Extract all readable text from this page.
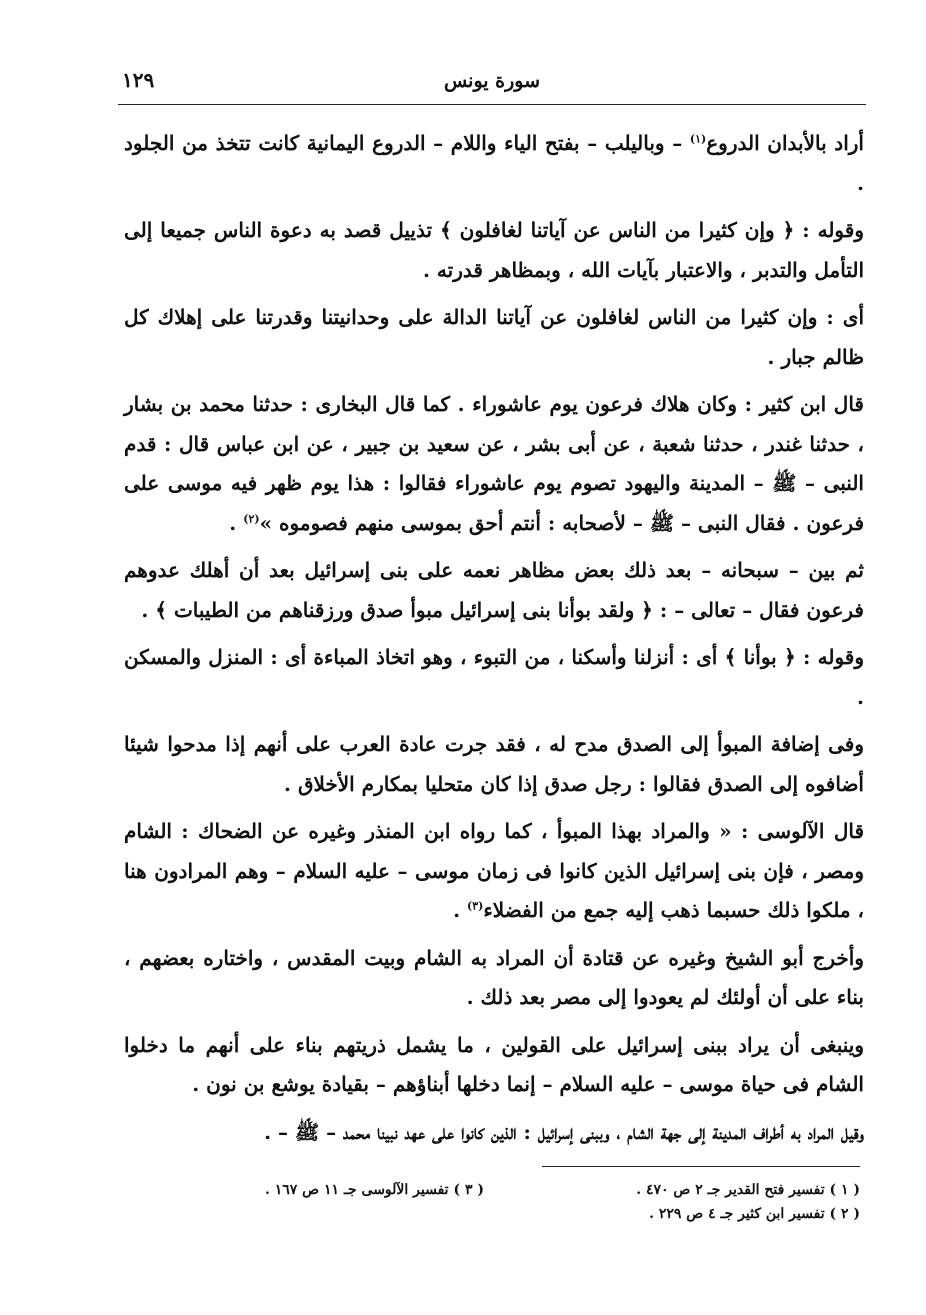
سورة يونس
١٢٩

أراد بالأبدان الدروع$^{(١)}$ – وباليلب – بفتح الياء واللام – الدروع اليمانية كانت تتخذ من الجلود .

وقوله : ﴿ وإن كثيرا من الناس عن آياتنا لغافلون ﴾ تذييل قصد به دعوة الناس جميعا إلى التأمل والتدبر ، والاعتبار بآيات الله ، وبمظاهر قدرته .

أى : وإن كثيرا من الناس لغافلون عن آياتنا الدالة على وحدانيتنا وقدرتنا على إهلاك كل ظالم جبار .

قال ابن كثير : وكان هلاك فرعون يوم عاشوراء . كما قال البخارى : حدثنا محمد بن بشار ، حدثنا غندر ، حدثنا شعبة ، عن أبى بشر ، عن سعيد بن جبير ، عن ابن عباس قال : قدم النبى – ﷺ – المدينة واليهود تصوم يوم عاشوراء فقالوا : هذا يوم ظهر فيه موسى على فرعون . فقال النبى – ﷺ – لأصحابه : أنتم أحق بموسى منهم فصوموه »$^{(٢)}$ .

ثم بين – سبحانه – بعد ذلك بعض مظاهر نعمه على بنى إسرائيل بعد أن أهلك عدوهم فرعون فقال – تعالى – : ﴿ ولقد بوأنا بنى إسرائيل مبوأ صدق ورزقناهم من الطيبات ﴾ .

وقوله : ﴿ بوأنا ﴾ أى : أنزلنا وأسكنا ، من التبوء ، وهو اتخاذ المباءة أى : المنزل والمسكن .

وفى إضافة المبوأ إلى الصدق مدح له ، فقد جرت عادة العرب على أنهم إذا مدحوا شيئا أضافوه إلى الصدق فقالوا : رجل صدق إذا كان متحليا بمكارم الأخلاق .

قال الآلوسى : « والمراد بهذا المبوأ ، كما رواه ابن المنذر وغيره عن الضحاك : الشام ومصر ، فإن بنى إسرائيل الذين كانوا فى زمان موسى – عليه السلام – وهم المرادون هنا ، ملكوا ذلك حسبما ذهب إليه جمع من الفضلاء$^{(٣)}$ .

وأخرج أبو الشيخ وغيره عن قتادة أن المراد به الشام وبيت المقدس ، واختاره بعضهم ، بناء على أن أولئك لم يعودوا إلى مصر بعد ذلك .

وينبغى أن يراد ببنى إسرائيل على القولين ، ما يشمل ذريتهم بناء على أنهم ما دخلوا الشام فى حياة موسى – عليه السلام – إنما دخلها أبناؤهم – بقيادة يوشع بن نون .

وقيل المراد به أطراف المدينة إلى جهة الشام ، وببنى إسرائيل : الذين كانوا على عهد نبينا محمد – ﷺ – .

( ١ ) تفسير فتح القدير جـ ٢ ص ٤٧٠ .
( ٢ ) تفسير ابن كثير جـ ٤ ص ٢٢٩ .
( ٣ ) تفسير الآلوسى جـ ١١ ص ١٦٧ .
